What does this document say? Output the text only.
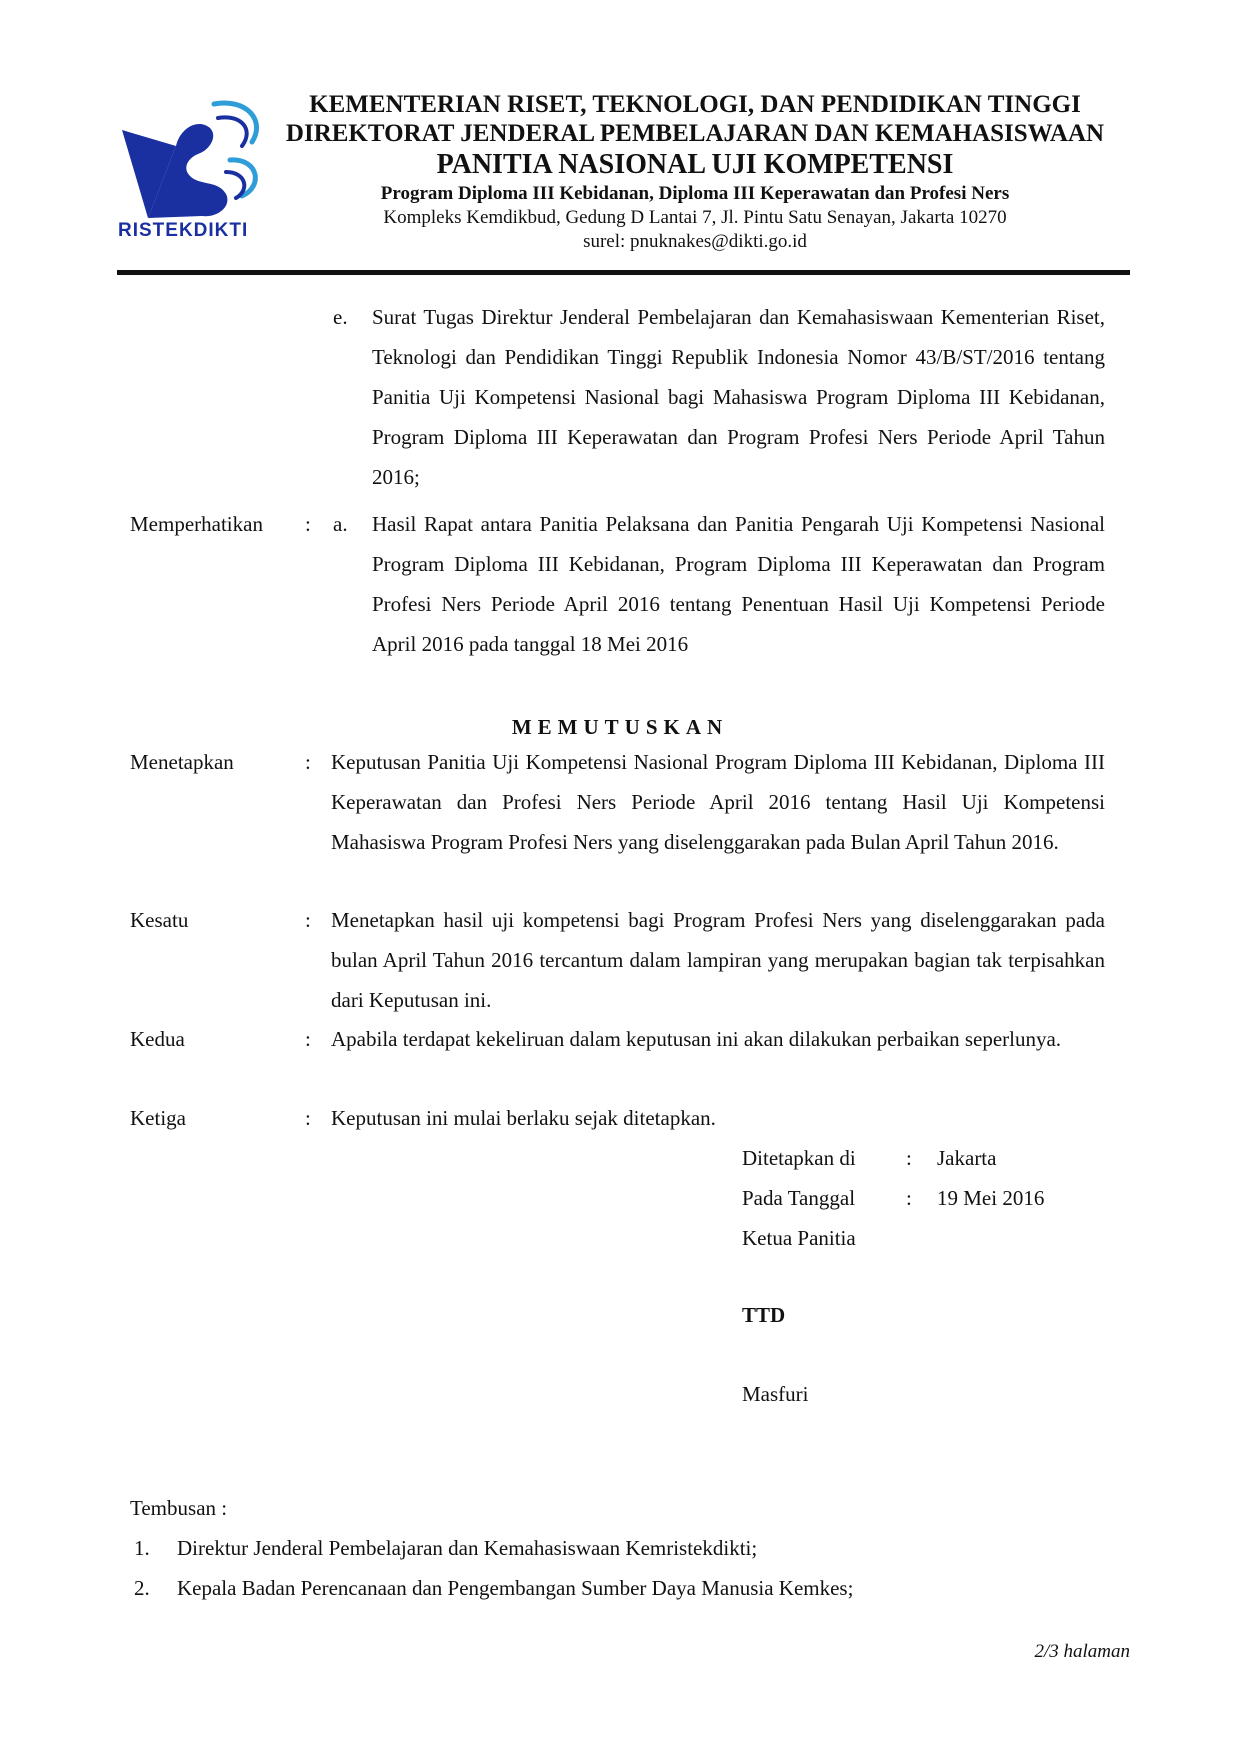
RISTEKDIKTI
KEMENTERIAN RISET, TEKNOLOGI, DAN PENDIDIKAN TINGGI
DIREKTORAT JENDERAL PEMBELAJARAN DAN KEMAHASISWAAN
PANITIA NASIONAL UJI KOMPETENSI
Program Diploma III Kebidanan, Diploma III Keperawatan dan Profesi Ners
Kompleks Kemdikbud, Gedung D Lantai 7, Jl. Pintu Satu Senayan, Jakarta 10270
surel: pnuknakes@dikti.go.id
e. Surat Tugas Direktur Jenderal Pembelajaran dan Kemahasiswaan Kementerian Riset, Teknologi dan Pendidikan Tinggi Republik Indonesia Nomor 43/B/ST/2016 tentang Panitia Uji Kompetensi Nasional bagi Mahasiswa Program Diploma III Kebidanan, Program Diploma III Keperawatan dan Program Profesi Ners Periode April Tahun 2016;
Memperhatikan : a. Hasil Rapat antara Panitia Pelaksana dan Panitia Pengarah Uji Kompetensi Nasional Program Diploma III Kebidanan, Program Diploma III Keperawatan dan Program Profesi Ners Periode April 2016 tentang Penentuan Hasil Uji Kompetensi Periode April 2016 pada tanggal 18 Mei 2016
MEMUTUSKAN
Menetapkan	: Keputusan Panitia Uji Kompetensi Nasional Program Diploma III Kebidanan, Diploma III Keperawatan dan Profesi Ners Periode April 2016 tentang Hasil Uji Kompetensi Mahasiswa Program Profesi Ners yang diselenggarakan pada Bulan April Tahun 2016.
Kesatu	: Menetapkan hasil uji kompetensi bagi Program Profesi Ners yang diselenggarakan pada bulan April Tahun 2016 tercantum dalam lampiran yang merupakan bagian tak terpisahkan dari Keputusan ini.
Kedua	: Apabila terdapat kekeliruan dalam keputusan ini akan dilakukan perbaikan seperlunya.
Ketiga	: Keputusan ini mulai berlaku sejak ditetapkan.
Ditetapkan di : Jakarta
Pada Tanggal : 19 Mei 2016
Ketua Panitia
TTD
Masfuri
Tembusan :
1. Direktur Jenderal Pembelajaran dan Kemahasiswaan Kemristekdikti;
2. Kepala Badan Perencanaan dan Pengembangan Sumber Daya Manusia Kemkes;
2/3 halaman
